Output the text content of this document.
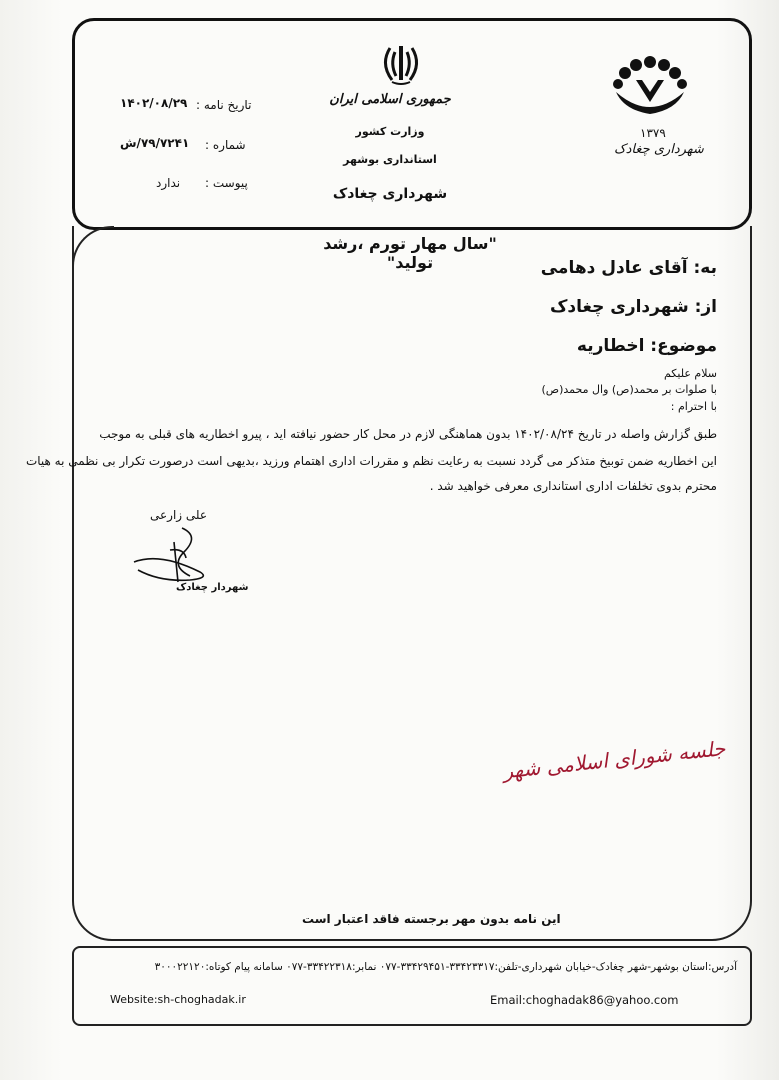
۱۳۷۹
شهرداری چغادک
جمهوری اسلامی ایران
وزارت کشور
استانداری بوشهر
شهرداری چغادک
تاریخ نامه :
۱۴۰۲/۰۸/۲۹
شماره :
۷۹/۷۲۴۱/ش
پیوست :
ندارد
"سال مهار تورم ،رشد تولید"	به: آقای عادل دهامی
از: شهرداری چغادک
موضوع: اخطاریه
سلام علیکم
با صلوات بر محمد(ص) وال محمد(ص)
با احترام :
طبق گزارش واصله در تاریخ ۱۴۰۲/۰۸/۲۴ بدون هماهنگی لازم در محل کار حضور نیافته اید ، پیرو اخطاریه های قبلی به موجب
این اخطاریه ضمن توبیخ متذکر می گردد نسبت به رعایت نظم و مقررات اداری اهتمام ورزید ،بدیهی است درصورت تکرار بی نظمی به هیات
محترم بدوی تخلفات اداری استانداری معرفی خواهید شد .
علی زارعی
شهردار چغادک
جلسه شورای اسلامی شهر
این نامه بدون مهر برجسته فاقد اعتبار است
آدرس:استان بوشهر-شهر چغادک-خیابان شهرداری-تلفن:۳۳۴۲۳۳۱۷-۳۳۴۲۹۴۵۱-۰۷۷ نمابر:۳۳۴۲۲۳۱۸-۰۷۷ سامانه پیام کوتاه:۳۰۰۰۲۲۱۲۰
Website:sh-choghadak.ir	Email:choghadak86@yahoo.com
